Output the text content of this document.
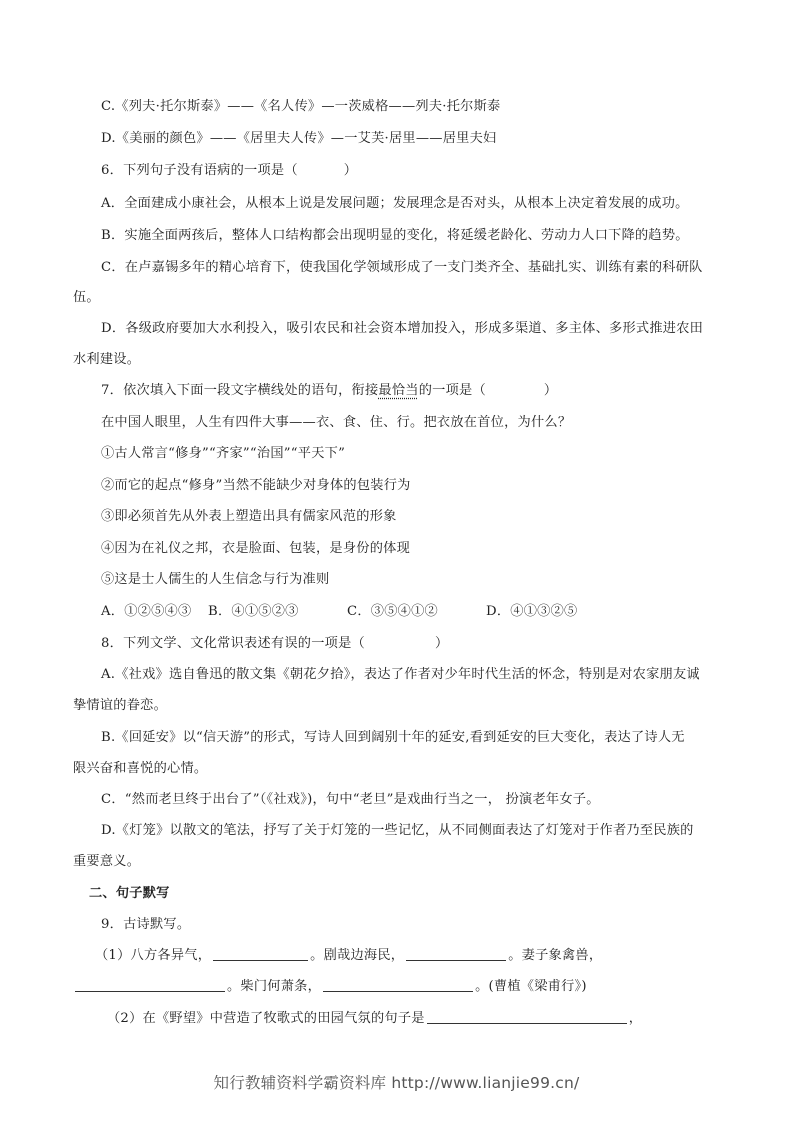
C.《列夫·托尔斯泰》——《名人传》—一茨威格——列夫·托尔斯泰
D.《美丽的颜色》——《居里夫人传》—一艾芙·居里——居里夫妇
6．下列句子没有语病的一项是（	）
A．全面建成小康社会，从根本上说是发展问题；发展理念是否对头，从根本上决定着发展的成功。
B．实施全面两孩后，整体人口结构都会出现明显的变化，将延缓老龄化、劳动力人口下降的趋势。
C．在卢嘉锡多年的精心培育下，使我国化学领域形成了一支门类齐全、基础扎实、训练有素的科研队
伍。
D．各级政府要加大水利投入，吸引农民和社会资本增加投入，形成多渠道、多主体、多形式推进农田
水利建设。
7．依次填入下面一段文字横线处的语句，衔接最恰当的一项是（	）
在中国人眼里，人生有四件大事——衣、食、住、行。把衣放在首位，为什么？
①古人常言“修身”“齐家”“治国”“平天下”
②而它的起点“修身”当然不能缺少对身体的包装行为
③即必须首先从外表上塑造出具有儒家风范的形象
④因为在礼仪之邦，衣是脸面、包装，是身份的体现
⑤这是士人儒生的人生信念与行为准则
A．①②⑤④③ B．④①⑤②③	C．③⑤④①②	D．④①③②⑤
8．下列文学、文化常识表述有误的一项是（	）
A.《社戏》选自鲁迅的散文集《朝花夕拾》，表达了作者对少年时代生活的怀念，特别是对农家朋友诚
挚情谊的眷恋。
B.《回延安》以“信天游”的形式，写诗人回到阔别十年的延安,看到延安的巨大变化，表达了诗人无
限兴奋和喜悦的心情。
C．“然而老旦终于出台了”（《社戏》)，句中“老旦”是戏曲行当之一， 扮演老年女子。
D.《灯笼》以散文的笔法，抒写了关于灯笼的一些记忆，从不同侧面表达了灯笼对于作者乃至民族的
重要意义。
二、句子默写
9．古诗默写。
（1）八方各异气，	。剧哉边海民，	。妻子象禽兽，
。柴门何萧条，	。(曹植《梁甫行》)
（2）在《野望》中营造了牧歌式的田园气氛的句子是	，
知行教辅资料学霸资料库 http://www.lianjie99.cn/
